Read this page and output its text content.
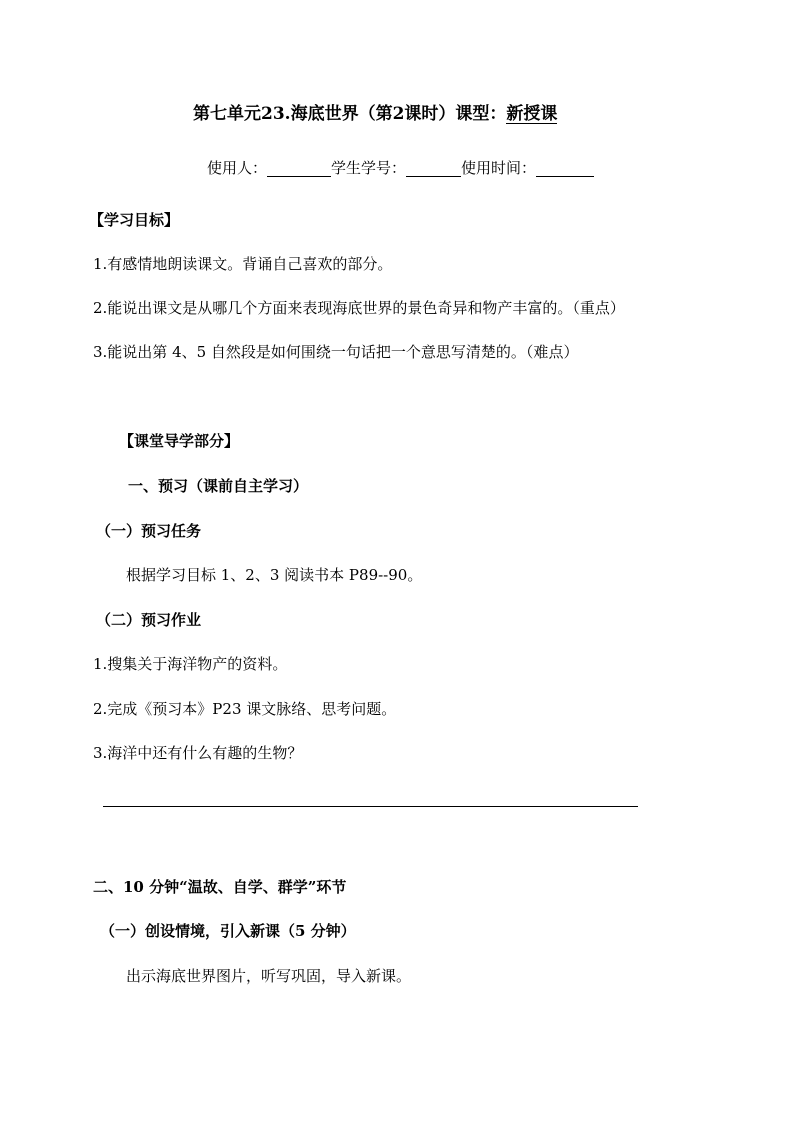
第七单元23.海底世界（第2课时）课型：新授课
使用人：	学生学号：	使用时间：
【学习目标】
1.有感情地朗读课文。背诵自己喜欢的部分。
2.能说出课文是从哪几个方面来表现海底世界的景色奇异和物产丰富的。（重点）
3.能说出第 4、5 自然段是如何围绕一句话把一个意思写清楚的。（难点）
【课堂导学部分】
一、预习（课前自主学习）
（一）预习任务
根据学习目标 1、2、3 阅读书本 P89--90。
（二）预习作业
1.搜集关于海洋物产的资料。
2.完成《预习本》P23 课文脉络、思考问题。
3.海洋中还有什么有趣的生物？
二、10 分钟“温故、自学、群学”环节
（一）创设情境，引入新课（5 分钟）
出示海底世界图片，听写巩固，导入新课。
